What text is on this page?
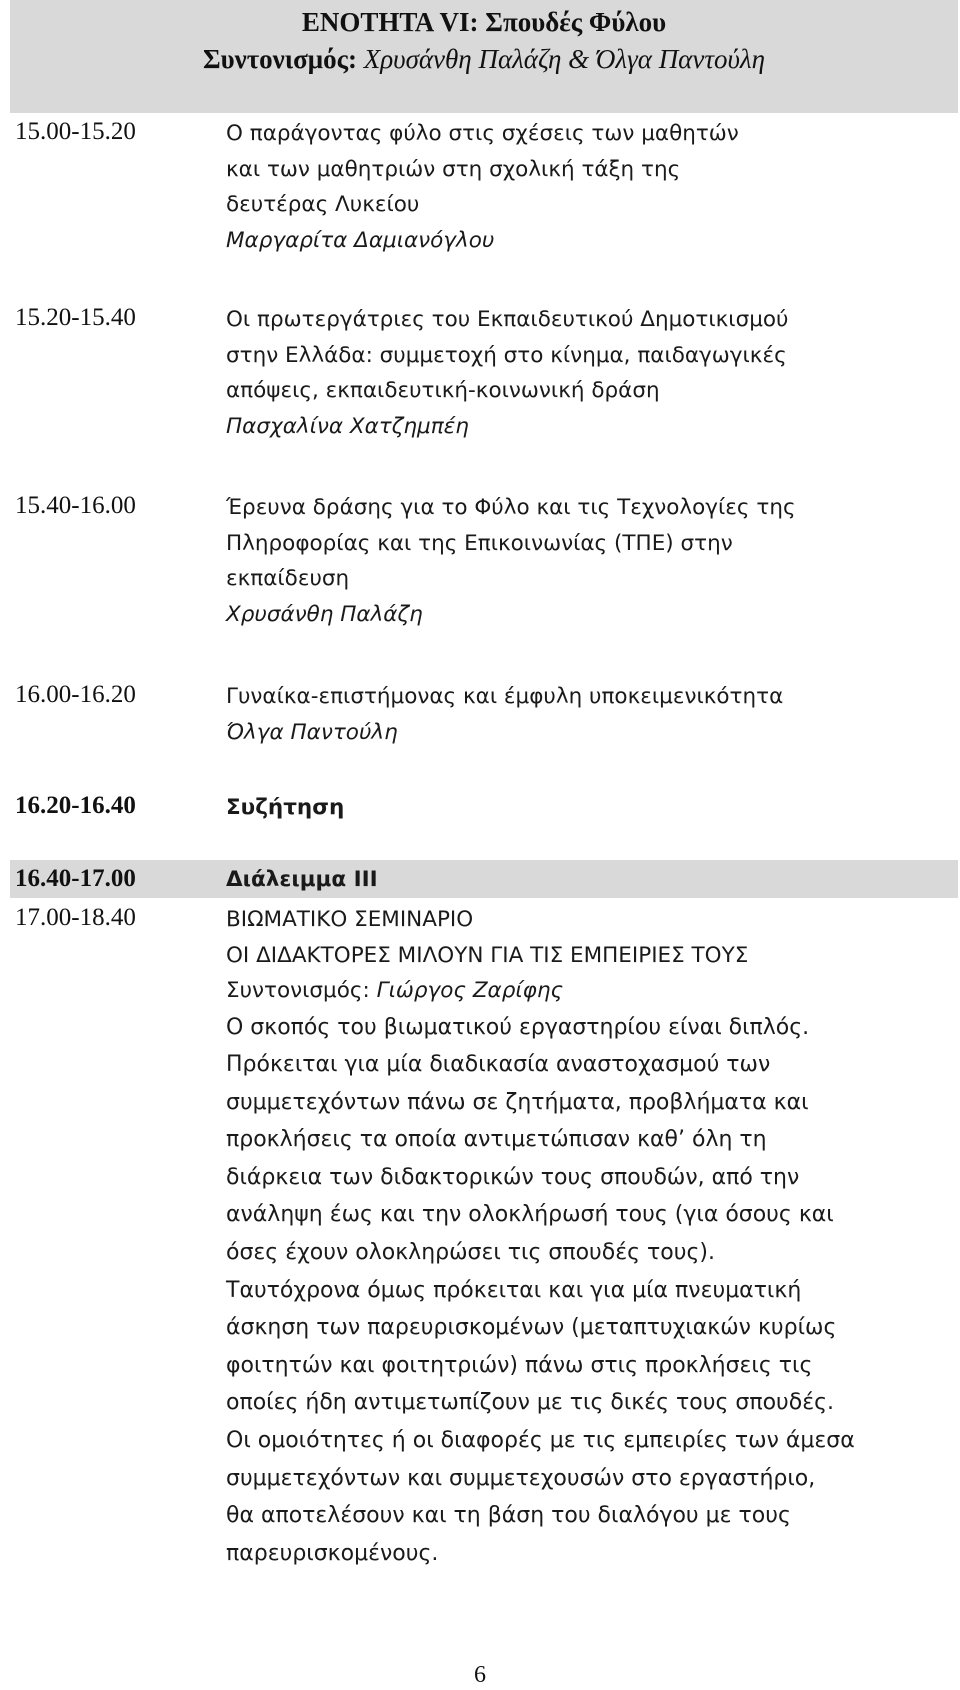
ΕΝΟΤΗΤΑ VI: Σπουδές Φύλου
Συντονισμός: Χρυσάνθη Παλάζη & Όλγα Παντούλη
15.00-15.20	Ο παράγοντας φύλο στις σχέσεις των μαθητών
και των μαθητριών στη σχολική τάξη της
δευτέρας Λυκείου
Μαργαρίτα Δαμιανόγλου
15.20-15.40	Οι πρωτεργάτριες του Εκπαιδευτικού Δημοτικισμού
στην Ελλάδα: συμμετοχή στο κίνημα, παιδαγωγικές
απόψεις, εκπαιδευτική-κοινωνική δράση
Πασχαλίνα Χατζημπέη
15.40-16.00	Έρευνα δράσης για το Φύλο και τις Τεχνολογίες της
Πληροφορίας και της Επικοινωνίας (ΤΠΕ) στην
εκπαίδευση
Χρυσάνθη Παλάζη
16.00-16.20	Γυναίκα-επιστήμονας και έμφυλη υποκειμενικότητα
Όλγα Παντούλη
16.20-16.40	Συζήτηση
16.40-17.00	Διάλειμμα ΙΙΙ
17.00-18.40	ΒΙΩΜΑΤΙΚΟ ΣΕΜΙΝΑΡΙΟ
ΟΙ ΔΙΔΑΚΤΟΡΕΣ ΜΙΛΟΥΝ ΓΙΑ ΤΙΣ ΕΜΠΕΙΡΙΕΣ ΤΟΥΣ
Συντονισμός: Γιώργος Ζαρίφης
Ο σκοπός του βιωματικού εργαστηρίου είναι διπλός.
Πρόκειται για μία διαδικασία αναστοχασμού των
συμμετεχόντων πάνω σε ζητήματα, προβλήματα και
προκλήσεις τα οποία αντιμετώπισαν καθ’ όλη τη
διάρκεια των διδακτορικών τους σπουδών, από την
ανάληψη έως και την ολοκλήρωσή τους (για όσους και
όσες έχουν ολοκληρώσει τις σπουδές τους).
Ταυτόχρονα όμως πρόκειται και για μία πνευματική
άσκηση των παρευρισκομένων (μεταπτυχιακών κυρίως
φοιτητών και φοιτητριών) πάνω στις προκλήσεις τις
οποίες ήδη αντιμετωπίζουν με τις δικές τους σπουδές.
Οι ομοιότητες ή οι διαφορές με τις εμπειρίες των άμεσα
συμμετεχόντων και συμμετεχουσών στο εργαστήριο,
θα αποτελέσουν και τη βάση του διαλόγου με τους
παρευρισκομένους.
6
